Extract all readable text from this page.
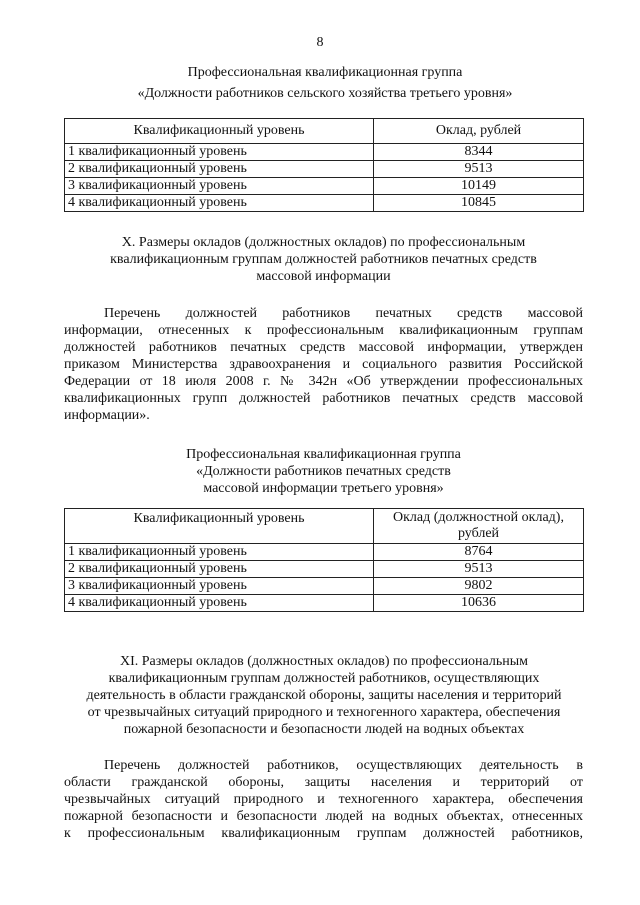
8
Профессиональная квалификационная группа
«Должности работников сельского хозяйства третьего уровня»
Квалификационный уровень	Оклад, рублей
1 квалификационный уровень	8344
2 квалификационный уровень	9513
3 квалификационный уровень	10149
4 квалификационный уровень	10845
X. Размеры окладов (должностных окладов) по профессиональным
квалификационным группам должностей работников печатных средств
массовой информации
Перечень должностей работников печатных средств массовой
информации, отнесенных к профессиональным квалификационным группам
должностей работников печатных средств массовой информации, утвержден
приказом Министерства здравоохранения и социального развития Российской
Федерации от 18 июля 2008 г. № 342н «Об утверждении профессиональных
квалификационных групп должностей работников печатных средств массовой
информации».
Профессиональная квалификационная группа
«Должности работников печатных средств
массовой информации третьего уровня»
Квалификационный уровень	Оклад (должностной оклад),
рублей

1 квалификационный уровень	8764
2 квалификационный уровень	9513
3 квалификационный уровень	9802
4 квалификационный уровень	10636
XI. Размеры окладов (должностных окладов) по профессиональным
квалификационным группам должностей работников, осуществляющих
деятельность в области гражданской обороны, защиты населения и территорий
от чрезвычайных ситуаций природного и техногенного характера, обеспечения
пожарной безопасности и безопасности людей на водных объектах
Перечень должностей работников, осуществляющих деятельность в
области гражданской обороны, защиты населения и территорий от
чрезвычайных ситуаций природного и техногенного характера, обеспечения
пожарной безопасности и безопасности людей на водных объектах, отнесенных
к профессиональным квалификационным группам должностей работников,
